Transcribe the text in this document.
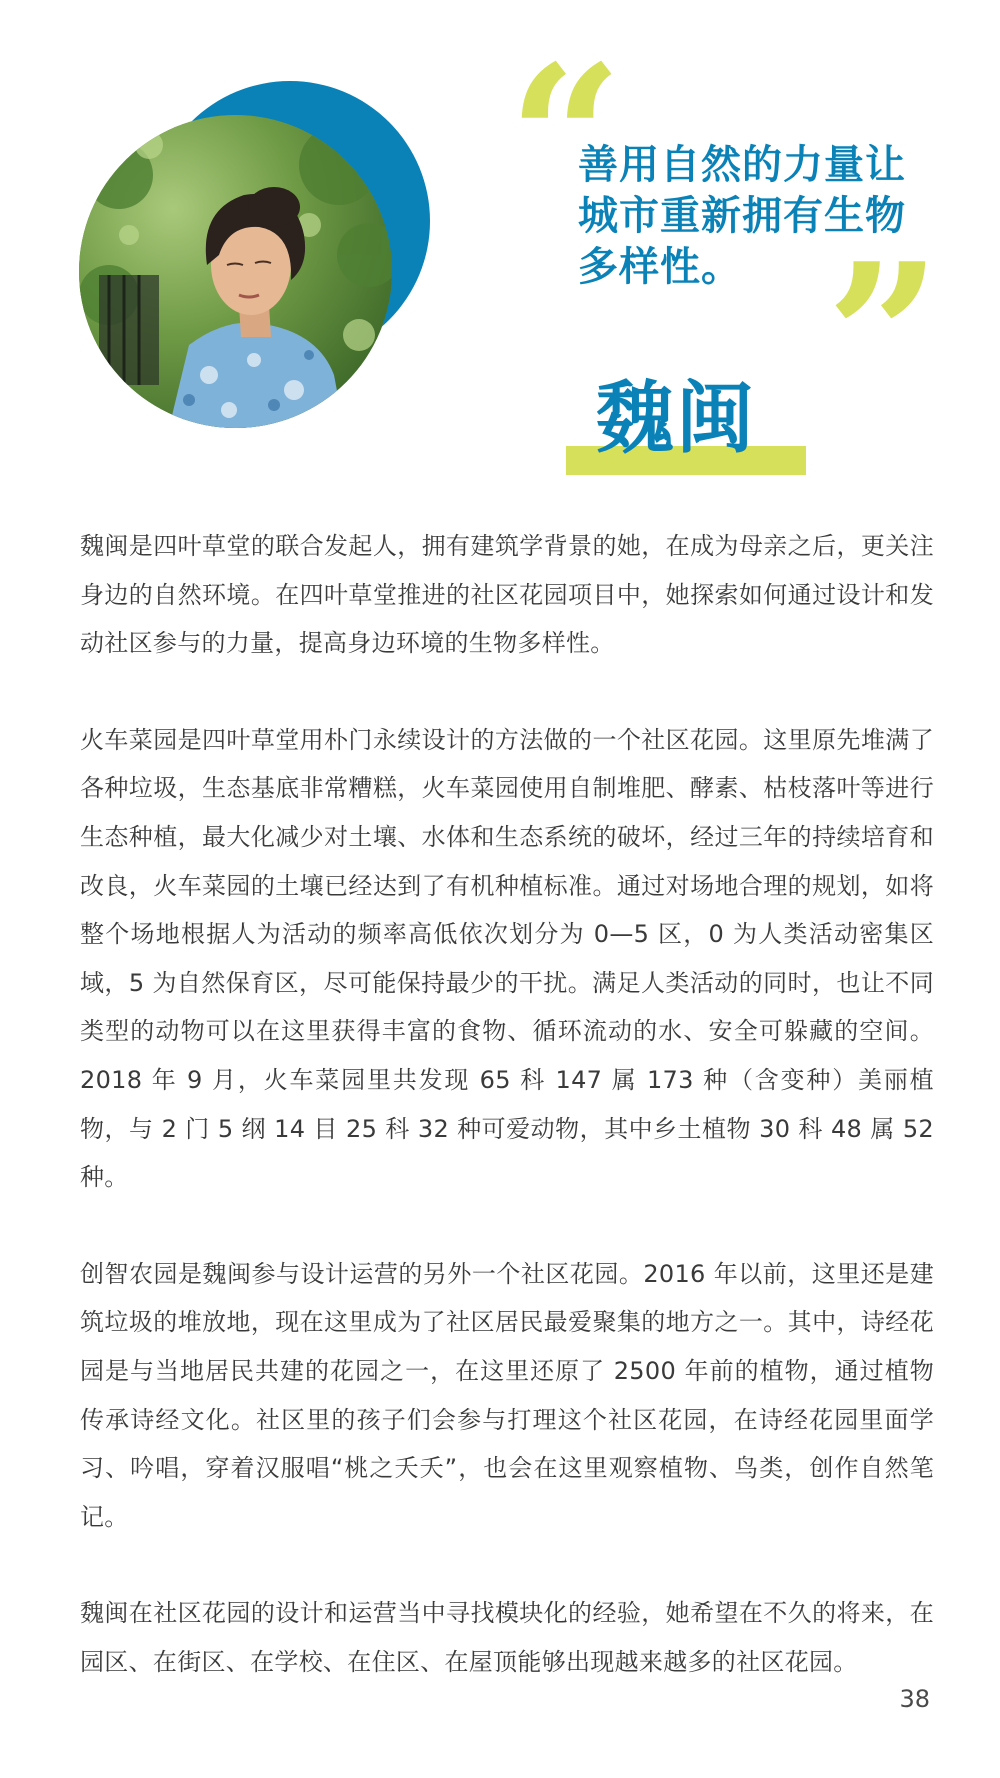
“

善用自然的力量让
城市重新拥有生物
多样性。 ”
魏闽

魏闽是四叶草堂的联合发起人，拥有建筑学背景的她，在成为母亲之后，更关注身边的自然环境。在四叶草堂推进的社区花园项目中，她探索如何通过设计和发动社区参与的力量，提高身边环境的生物多样性。

火车菜园是四叶草堂用朴门永续设计的方法做的一个社区花园。这里原先堆满了各种垃圾，生态基底非常糟糕，火车菜园使用自制堆肥、酵素、枯枝落叶等进行生态种植，最大化减少对土壤、水体和生态系统的破坏，经过三年的持续培育和改良，火车菜园的土壤已经达到了有机种植标准。通过对场地合理的规划，如将整个场地根据人为活动的频率高低依次划分为 0—5 区，0 为人类活动密集区域，5 为自然保育区，尽可能保持最少的干扰。满足人类活动的同时，也让不同类型的动物可以在这里获得丰富的食物、循环流动的水、安全可躲藏的空间。2018 年 9 月，火车菜园里共发现 65 科 147 属 173 种（含变种）美丽植物，与 2 门 5 纲 14 目 25 科 32 种可爱动物，其中乡土植物 30 科 48 属 52 种。

创智农园是魏闽参与设计运营的另外一个社区花园。2016 年以前，这里还是建筑垃圾的堆放地，现在这里成为了社区居民最爱聚集的地方之一。其中，诗经花园是与当地居民共建的花园之一，在这里还原了 2500 年前的植物，通过植物传承诗经文化。社区里的孩子们会参与打理这个社区花园，在诗经花园里面学习、吟唱，穿着汉服唱“桃之夭夭”，也会在这里观察植物、鸟类，创作自然笔记。

魏闽在社区花园的设计和运营当中寻找模块化的经验，她希望在不久的将来，在园区、在街区、在学校、在住区、在屋顶能够出现越来越多的社区花园。

38
